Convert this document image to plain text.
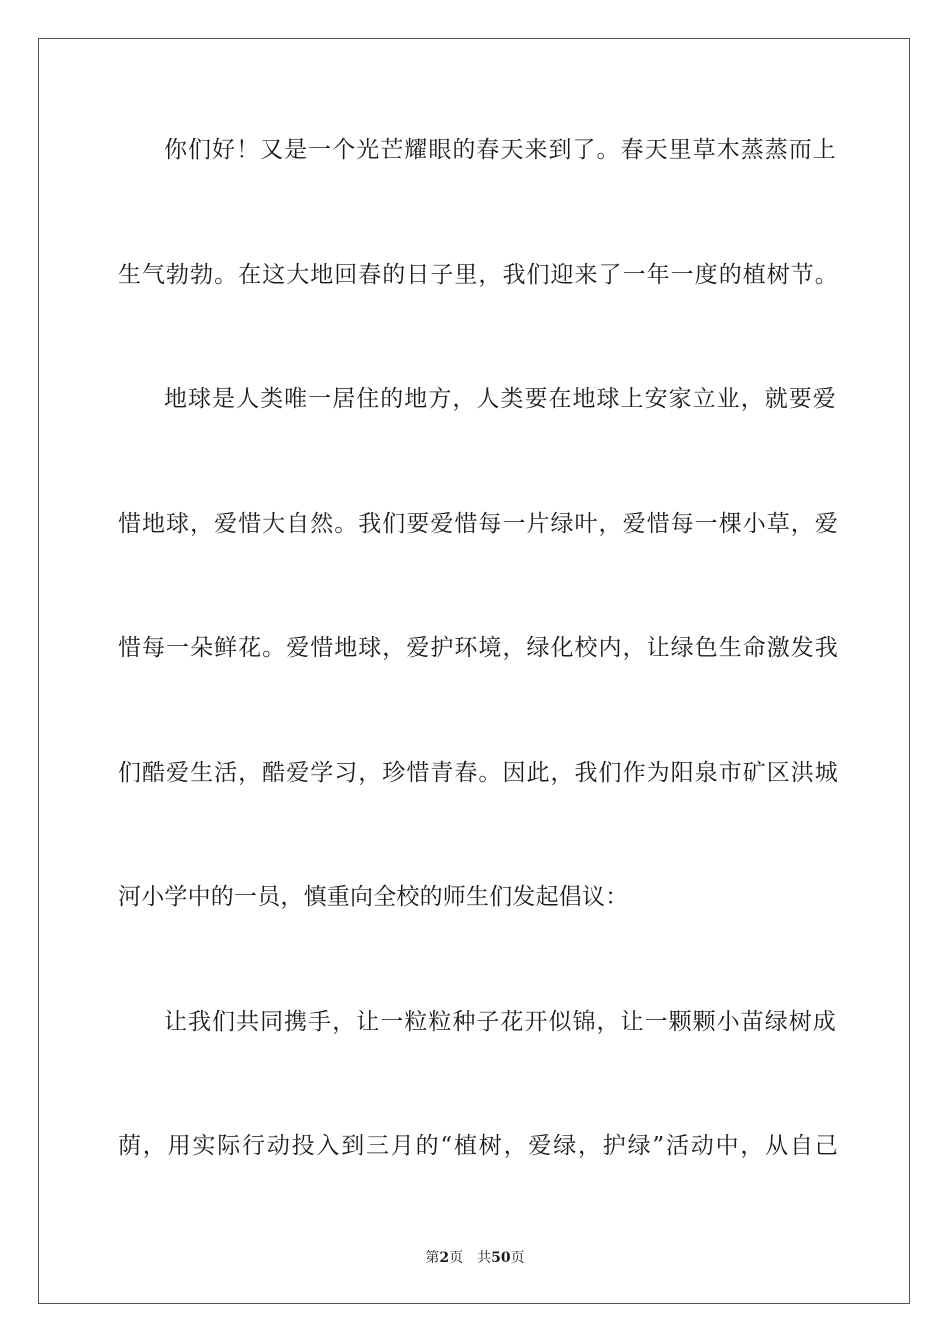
你们好！又是一个光芒耀眼的春天来到了。春天里草木蒸蒸而上
生气勃勃。在这大地回春的日子里，我们迎来了一年一度的植树节。
地球是人类唯一居住的地方，人类要在地球上安家立业，就要爱
惜地球，爱惜大自然。我们要爱惜每一片绿叶，爱惜每一棵小草，爱
惜每一朵鲜花。爱惜地球，爱护环境，绿化校内，让绿色生命激发我
们酷爱生活，酷爱学习，珍惜青春。因此，我们作为阳泉市矿区洪城
河小学中的一员，慎重向全校的师生们发起倡议：
让我们共同携手，让一粒粒种子花开似锦，让一颗颗小苗绿树成
荫，用实际行动投入到三月的“植树，爱绿，护绿”活动中，从自己
第2页 共50页
